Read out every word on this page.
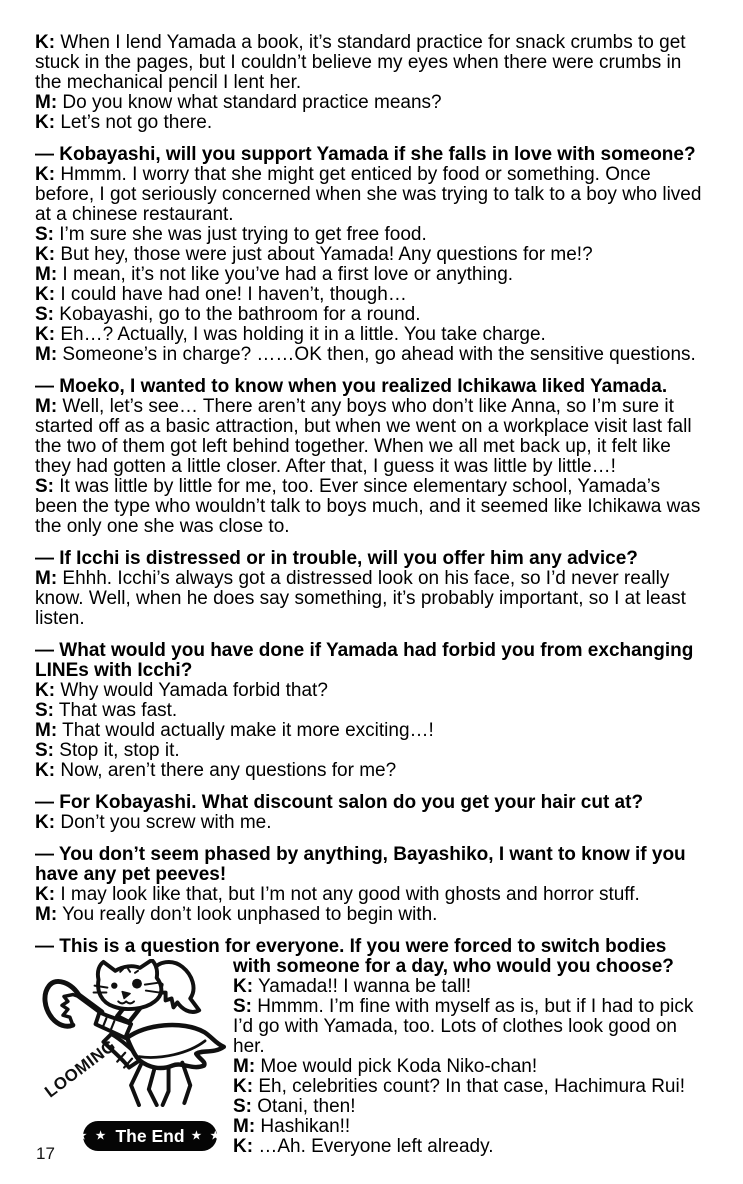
K: When I lend Yamada a book, it’s standard practice for snack crumbs to get stuck in the pages, but I couldn’t believe my eyes when there were crumbs in the mechanical pencil I lent her.
M: Do you know what standard practice means?
K: Let’s not go there.
— Kobayashi, will you support Yamada if she falls in love with someone?
K: Hmmm. I worry that she might get enticed by food or something. Once before, I got seriously concerned when she was trying to talk to a boy who lived at a chinese restaurant.
S: I’m sure she was just trying to get free food.
K: But hey, those were just about Yamada! Any questions for me!?
M: I mean, it’s not like you’ve had a first love or anything.
K: I could have had one! I haven’t, though…
S: Kobayashi, go to the bathroom for a round.
K: Eh…? Actually, I was holding it in a little. You take charge.
M: Someone’s in charge? ……OK then, go ahead with the sensitive questions.
— Moeko, I wanted to know when you realized Ichikawa liked Yamada.
M: Well, let’s see… There aren’t any boys who don’t like Anna, so I’m sure it started off as a basic attraction, but when we went on a workplace visit last fall the two of them got left behind together. When we all met back up, it felt like they had gotten a little closer. After that, I guess it was little by little…!
S: It was little by little for me, too. Ever since elementary school, Yamada’s been the type who wouldn’t talk to boys much, and it seemed like Ichikawa was the only one she was close to.
— If Icchi is distressed or in trouble, will you offer him any advice?
M: Ehhh. Icchi’s always got a distressed look on his face, so I’d never really know. Well, when he does say something, it’s probably important, so I at least listen.
— What would you have done if Yamada had forbid you from exchanging LINEs with Icchi?
K: Why would Yamada forbid that?
S: That was fast.
M: That would actually make it more exciting…!
S: Stop it, stop it.
K: Now, aren’t there any questions for me?
— For Kobayashi. What discount salon do you get your hair cut at?
K: Don’t you screw with me.
— You don’t seem phased by anything, Bayashiko, I want to know if you have any pet peeves!
K: I may look like that, but I’m not any good with ghosts and horror stuff.
M: You really don’t look unphased to begin with.
— This is a question for everyone. If you were forced to switch bodies
LOOMING
★ ★ The End ★ ★
with someone for a day, who would you choose?
K: Yamada!! I wanna be tall!
S: Hmmm. I’m fine with myself as is, but if I had to pick I’d go with Yamada, too. Lots of clothes look good on her.
M: Moe would pick Koda Niko-chan!
K: Eh, celebrities count? In that case, Hachimura Rui!
S: Otani, then!
M: Hashikan!!
K: …Ah. Everyone left already.
17
